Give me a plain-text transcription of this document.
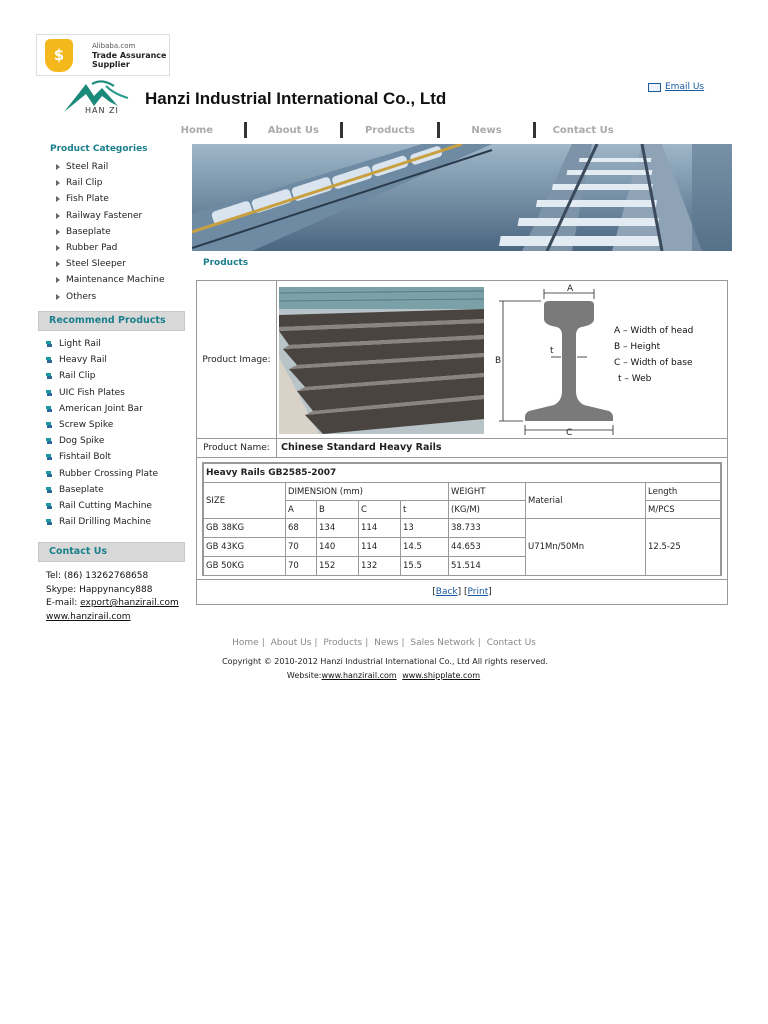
$	Alibaba.com
Trade Assurance
Supplier
HAN ZI
Hanzi Industrial International Co., Ltd
Email Us
Home	About Us	Products	News	Contact Us
Product Categories
Steel Rail
Rail Clip
Fish Plate
Railway Fastener
Baseplate
Rubber Pad
Steel Sleeper
Maintenance Machine
Others
Recommend Products
Light Rail
Heavy Rail
Rail Clip
UIC Fish Plates
American Joint Bar
Screw Spike
Dog Spike
Fishtail Bolt
Rubber Crossing Plate
Baseplate
Rail Cutting Machine
Rail Drilling Machine
Contact Us
Tel: (86) 13262768658
Skype: Happynancy888
E-mail: export@hanzirail.com
www.hanzirail.com
Products
Product Image:
A
B
C
t
A – Width of head
B – Height
C – Width of base
t – Web
Product Name:	Chinese Standard Heavy Rails
Heavy Rails GB2585-2007							
SIZE	DIMENSION (mm)				WEIGHT	Material	Length
	A	B	C	t	(KG/M)		M/PCS
GB 38KG	68	134	114	13	38.733	U71Mn/50Mn	12.5-25
GB 43KG	70	140	114	14.5	44.653		
GB 50KG	70	152	132	15.5	51.514		
[Back] [Print]
Home | About Us | Products | News | Sales Network | Contact Us
Copyright © 2010-2012 Hanzi Industrial International Co., Ltd All rights reserved.
Website:www.hanzirail.com www.shipplate.com
